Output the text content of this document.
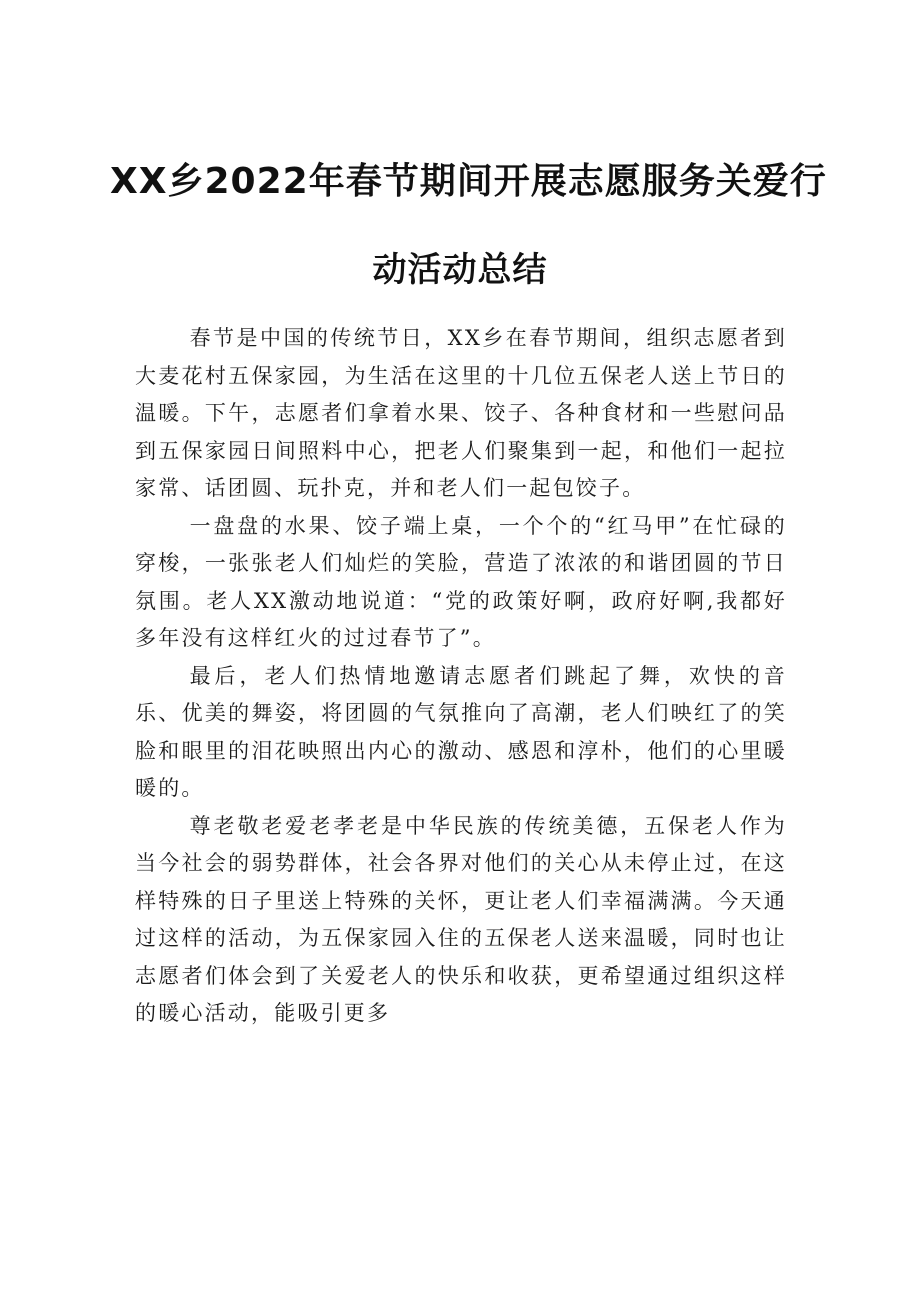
XX乡2022年春节期间开展志愿服务关爱行
动活动总结

春节是中国的传统节日，XX乡在春节期间，组织志愿者到大麦花村五保家园，为生活在这里的十几位五保老人送上节日的温暖。下午，志愿者们拿着水果、饺子、各种食材和一些慰问品到五保家园日间照料中心，把老人们聚集到一起，和他们一起拉家常、话团圆、玩扑克，并和老人们一起包饺子。

一盘盘的水果、饺子端上桌，一个个的“红马甲”在忙碌的穿梭，一张张老人们灿烂的笑脸，营造了浓浓的和谐团圆的节日氛围。老人XX激动地说道：“党的政策好啊，政府好啊,我都好多年没有这样红火的过过春节了”。

最后，老人们热情地邀请志愿者们跳起了舞，欢快的音乐、优美的舞姿，将团圆的气氛推向了高潮，老人们映红了的笑脸和眼里的泪花映照出内心的激动、感恩和淳朴，他们的心里暖暖的。

尊老敬老爱老孝老是中华民族的传统美德，五保老人作为当今社会的弱势群体，社会各界对他们的关心从未停止过，在这样特殊的日子里送上特殊的关怀，更让老人们幸福满满。今天通过这样的活动，为五保家园入住的五保老人送来温暖，同时也让志愿者们体会到了关爱老人的快乐和收获，更希望通过组织这样的暖心活动，能吸引更多
